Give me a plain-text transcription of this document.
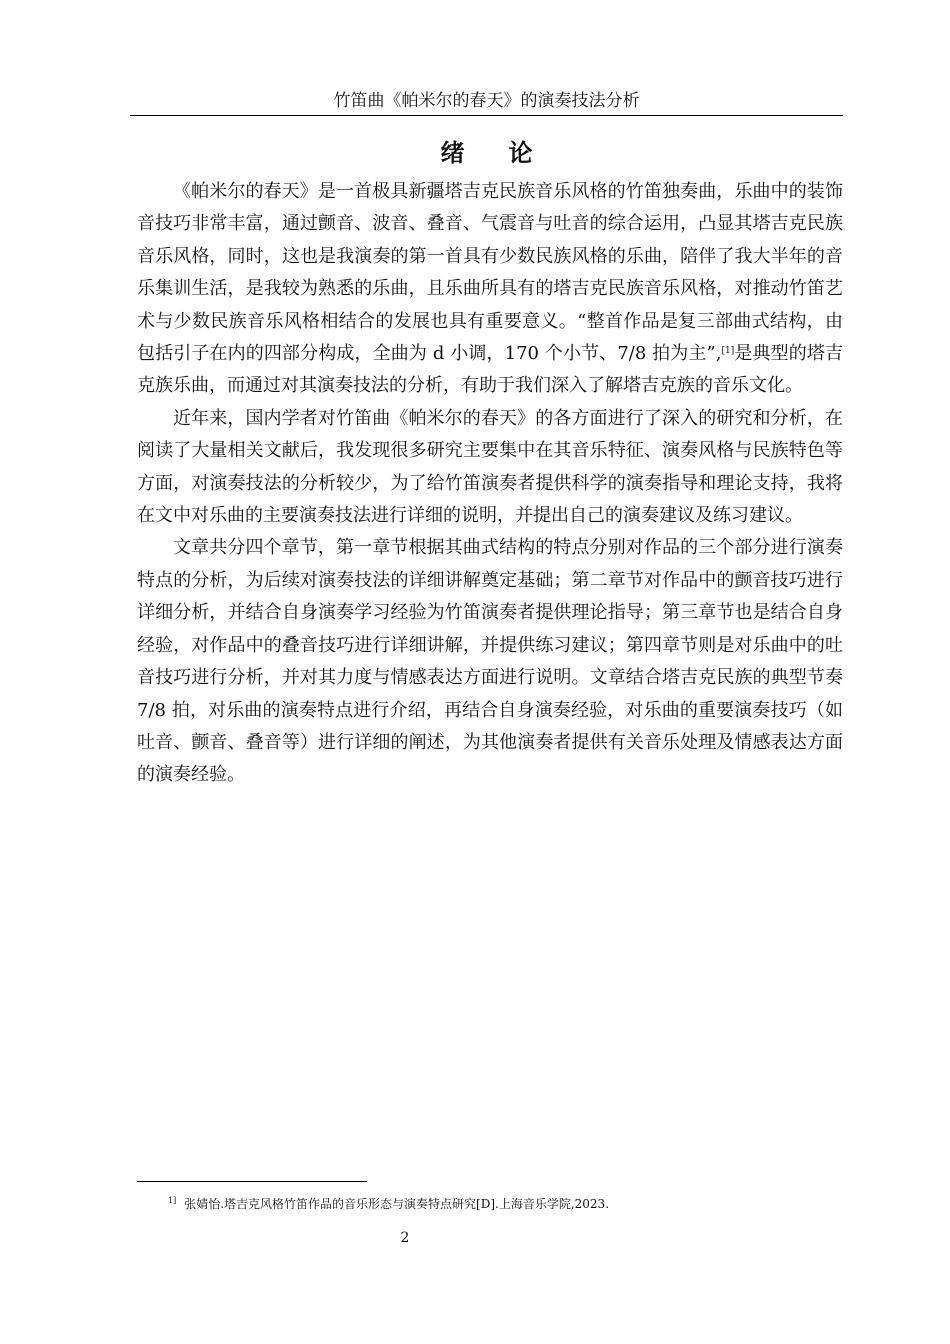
竹笛曲《帕米尔的春天》的演奏技法分析
绪论

《帕米尔的春天》是一首极具新疆塔吉克民族音乐风格的竹笛独奏曲，乐曲中的装饰音技巧非常丰富，通过颤音、波音、叠音、气震音与吐音的综合运用，凸显其塔吉克民族音乐风格，同时，这也是我演奏的第一首具有少数民族风格的乐曲，陪伴了我大半年的音乐集训生活，是我较为熟悉的乐曲，且乐曲所具有的塔吉克民族音乐风格，对推动竹笛艺术与少数民族音乐风格相结合的发展也具有重要意义。“整首作品是复三部曲式结构，由包括引子在内的四部分构成，全曲为 d 小调，170 个小节、7/8 拍为主”,[1]是典型的塔吉克族乐曲，而通过对其演奏技法的分析，有助于我们深入了解塔吉克族的音乐文化。

近年来，国内学者对竹笛曲《帕米尔的春天》的各方面进行了深入的研究和分析，在阅读了大量相关文献后，我发现很多研究主要集中在其音乐特征、演奏风格与民族特色等方面，对演奏技法的分析较少，为了给竹笛演奏者提供科学的演奏指导和理论支持，我将在文中对乐曲的主要演奏技法进行详细的说明，并提出自己的演奏建议及练习建议。

文章共分四个章节，第一章节根据其曲式结构的特点分别对作品的三个部分进行演奏特点的分析，为后续对演奏技法的详细讲解奠定基础；第二章节对作品中的颤音技巧进行详细分析，并结合自身演奏学习经验为竹笛演奏者提供理论指导；第三章节也是结合自身经验，对作品中的叠音技巧进行详细讲解，并提供练习建议；第四章节则是对乐曲中的吐音技巧进行分析，并对其力度与情感表达方面进行说明。文章结合塔吉克民族的典型节奏 7/8 拍，对乐曲的演奏特点进行介绍，再结合自身演奏经验，对乐曲的重要演奏技巧（如吐音、颤音、叠音等）进行详细的阐述，为其他演奏者提供有关音乐处理及情感表达方面的演奏经验。

$^{1]}$ 张婧怡.塔吉克风格竹笛作品的音乐形态与演奏特点研究[D].上海音乐学院,2023.
2
